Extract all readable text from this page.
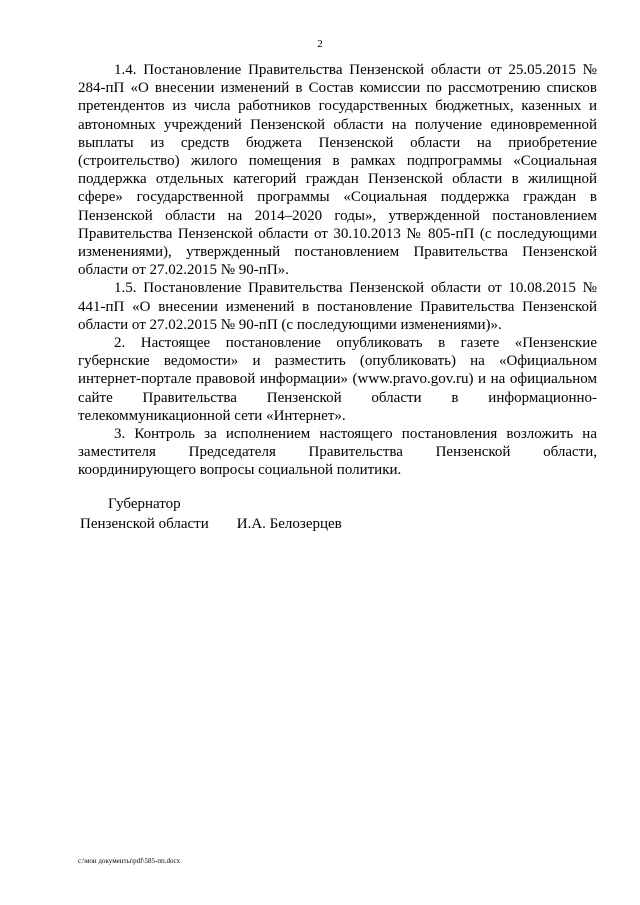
2

1.4. Постановление Правительства Пензенской области от 25.05.2015 № 284-пП «О внесении изменений в Состав комиссии по рассмотрению списков претендентов из числа работников государственных бюджетных, казенных и автономных учреждений Пензенской области на получение единовременной выплаты из средств бюджета Пензенской области на приобретение (строительство) жилого помещения в рамках подпрограммы «Социальная поддержка отдельных категорий граждан Пензенской области в жилищной сфере» государственной программы «Социальная поддержка граждан в Пензенской области на 2014–2020 годы», утвержденной постановлением Правительства Пензенской области от 30.10.2013 № 805-пП (с последующими изменениями), утвержденный постановлением Правительства Пензенской области от 27.02.2015 № 90-пП».

1.5. Постановление Правительства Пензенской области от 10.08.2015 № 441-пП «О внесении изменений в постановление Правительства Пензенской области от 27.02.2015 № 90-пП (с последующими изменениями)».

2. Настоящее постановление опубликовать в газете «Пензенские губернские ведомости» и разместить (опубликовать) на «Официальном интернет-портале правовой информации» (www.pravo.gov.ru) и на официальном сайте Правительства Пензенской области в информационно-телекоммуникационной сети «Интернет».

3. Контроль за исполнением настоящего постановления возложить на заместителя Председателя Правительства Пензенской области, координирующего вопросы социальной политики.

Губернатор
Пензенской области И.А. Белозерцев
c:\мои документы\pdf\585-пп.docx
